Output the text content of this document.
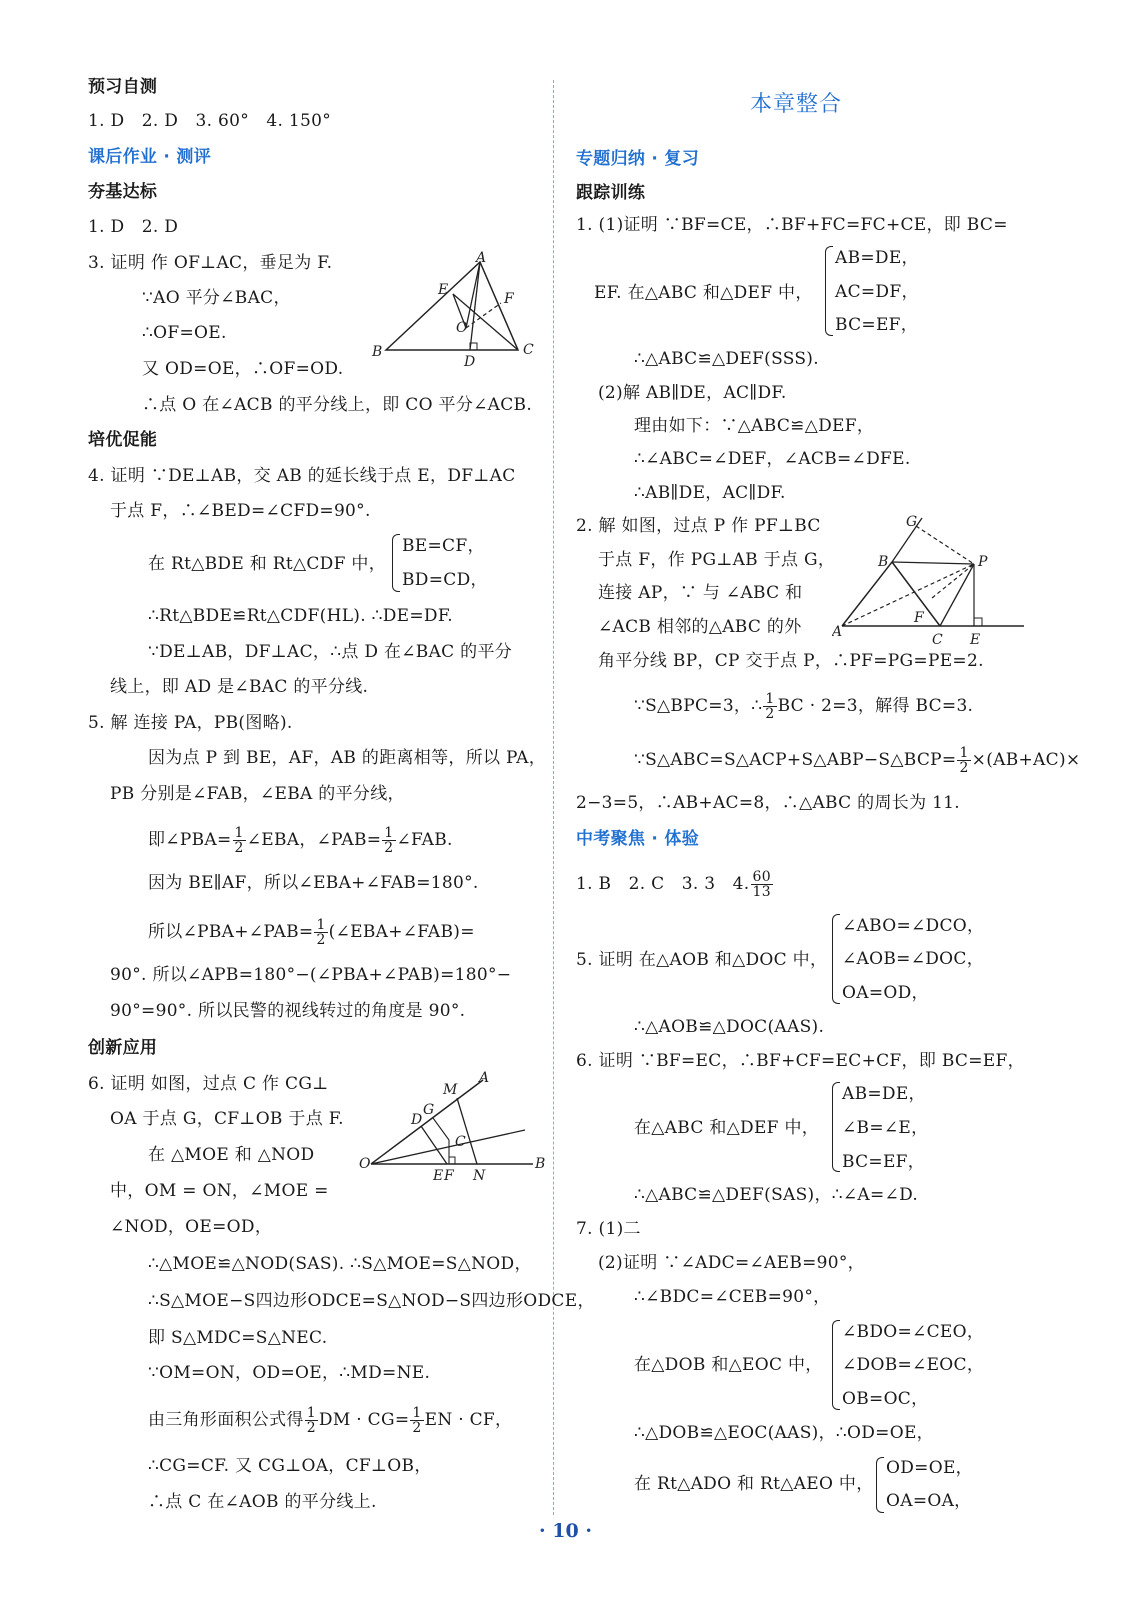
预习自测
1. D　2. D　3. 60°　4. 150°
课后作业 · 测评
夯基达标
1. D　2. D
3. 证明 作 OF⊥AC，垂足为 F.
∵AO 平分∠BAC，
∴OF=OE.
又 OD=OE，∴OF=OD.
∴点 O 在∠ACB 的平分线上，即 CO 平分∠ACB.
A
E
F
O
B
D
C
培优促能
4. 证明 ∵DE⊥AB，交 AB 的延长线于点 E，DF⊥AC
于点 F，∴∠BED=∠CFD=90°.
在 Rt△BDE 和 Rt△CDF 中，
BE=CF，
BD=CD，
∴Rt△BDE≌Rt△CDF(HL). ∴DE=DF.
∵DE⊥AB，DF⊥AC，∴点 D 在∠BAC 的平分
线上，即 AD 是∠BAC 的平分线.
5. 解 连接 PA，PB(图略).
因为点 P 到 BE，AF，AB 的距离相等，所以 PA，
PB 分别是∠FAB，∠EBA 的平分线，
即∠PBA= $\frac{1}{2}$ ∠EBA，∠PAB= $\frac{1}{2}$ ∠FAB.
因为 BE∥AF，所以∠EBA+∠FAB=180°.
所以∠PBA+∠PAB= $\frac{1}{2}$ (∠EBA+∠FAB)=
90°. 所以∠APB=180°−(∠PBA+∠PAB)=180°−
90°=90°. 所以民警的视线转过的角度是 90°.
创新应用
6. 证明 如图，过点 C 作 CG⊥
OA 于点 G，CF⊥OB 于点 F.
在 △MOE 和 △NOD
中，OM = ON，∠MOE =
∠NOD，OE=OD，
∴△MOE≌△NOD(SAS). ∴S△MOE=S△NOD，
∴S△MOE−S四边形ODCE=S△NOD−S四边形ODCE，
即 S△MDC=S△NEC.
∵OM=ON，OD=OE，∴MD=NE.
由三角形面积公式得 $\frac{1}{2}$ DM · $CG= \frac{1}{2}$ EN · CF，
∴CG=CF. 又 CG⊥OA，CF⊥OB，
∴点 C 在∠AOB 的平分线上.
M
A
D
G
C
O
E F N
B
本章整合
专题归纳 · 复习
跟踪训练
1. (1)证明 ∵BF=CE，∴BF+FC=FC+CE，即 BC=
EF. 在△ABC 和△DEF 中，
AB=DE，
AC=DF，
BC=EF，
∴△ABC≌△DEF(SSS).
(2)解 AB∥DE，AC∥DF.
理由如下：∵△ABC≌△DEF，
∴∠ABC=∠DEF，∠ACB=∠DFE.
∴AB∥DE，AC∥DF.
2. 解 如图，过点 P 作 PF⊥BC
于点 F，作 PG⊥AB 于点 G，
连接 AP，∵ 与 ∠ABC 和
∠ACB 相邻的△ABC 的外
角平分线 BP，CP 交于点 P，∴PF=PG=PE=2.
∵S△BPC=3，∴ $\frac{1}{2}$ BC · 2=3，解得 BC=3.
∵S△ABC=S△ACP+S△ABP−S△BCP= $\frac{1}{2} \times(AB+AC)\times$
2−3=5，∴AB+AC=8，∴△ABC 的周长为 11.
G
B	P
F
A	C E
中考聚焦 · 体验
1. B　2. C　3. 3　4. $\frac{60}{13}$
5. 证明 在△AOB 和△DOC 中，
∠ABO=∠DCO，
∠AOB=∠DOC，
OA=OD，
∴△AOB≌△DOC(AAS).
6. 证明 ∵BF=EC，∴BF+CF=EC+CF，即 BC=EF，
在△ABC 和△DEF 中，
AB=DE，
∠B=∠E，
BC=EF，
∴△ABC≌△DEF(SAS)，∴∠A=∠D.
7. (1)二
(2)证明 ∵∠ADC=∠AEB=90°，
∴∠BDC=∠CEB=90°，
在△DOB 和△EOC 中，
∠BDO=∠CEO，
∠DOB=∠EOC，
OB=OC，
∴△DOB≌△EOC(AAS)，∴OD=OE，
在 Rt△ADO 和 Rt△AEO 中，
OD=OE，
OA=OA，
· 10 ·
